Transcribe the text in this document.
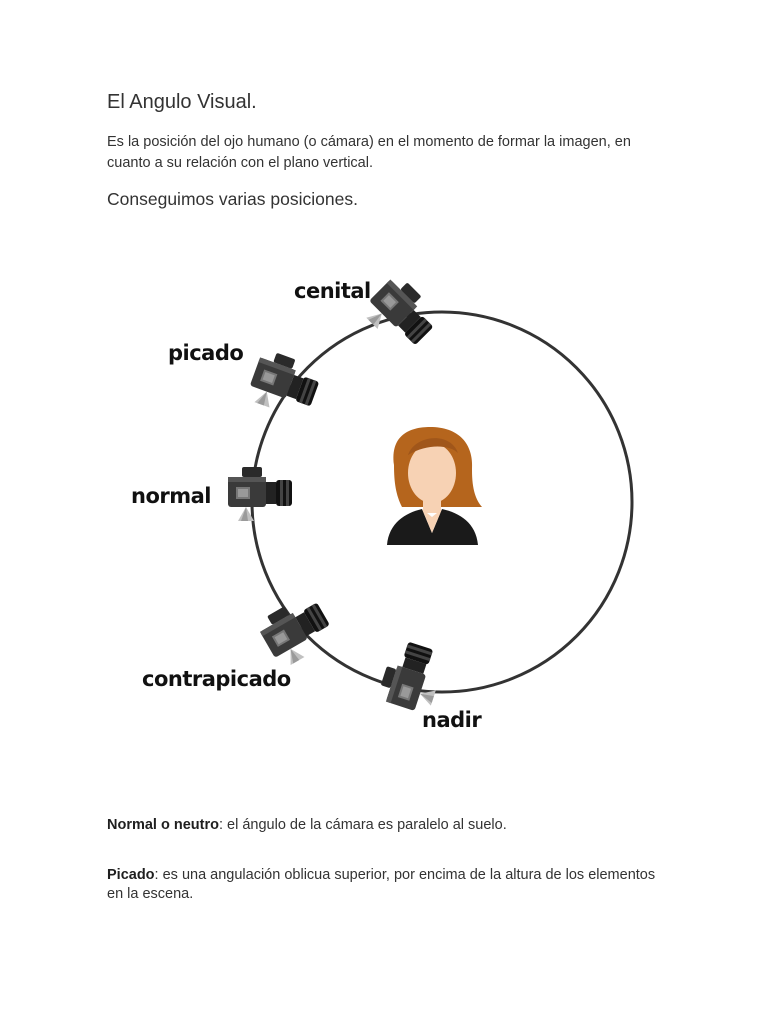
El Angulo Visual.
Es la posición del ojo humano (o cámara) en el momento de formar la imagen, en cuanto a su relación con el plano vertical.
Conseguimos varias posiciones.
cenital
picado
normal
contrapicado
nadir
Normal o neutro: el ángulo de la cámara es paralelo al suelo.
Picado: es una angulación oblicua superior, por encima de la altura de los elementos en la escena.
